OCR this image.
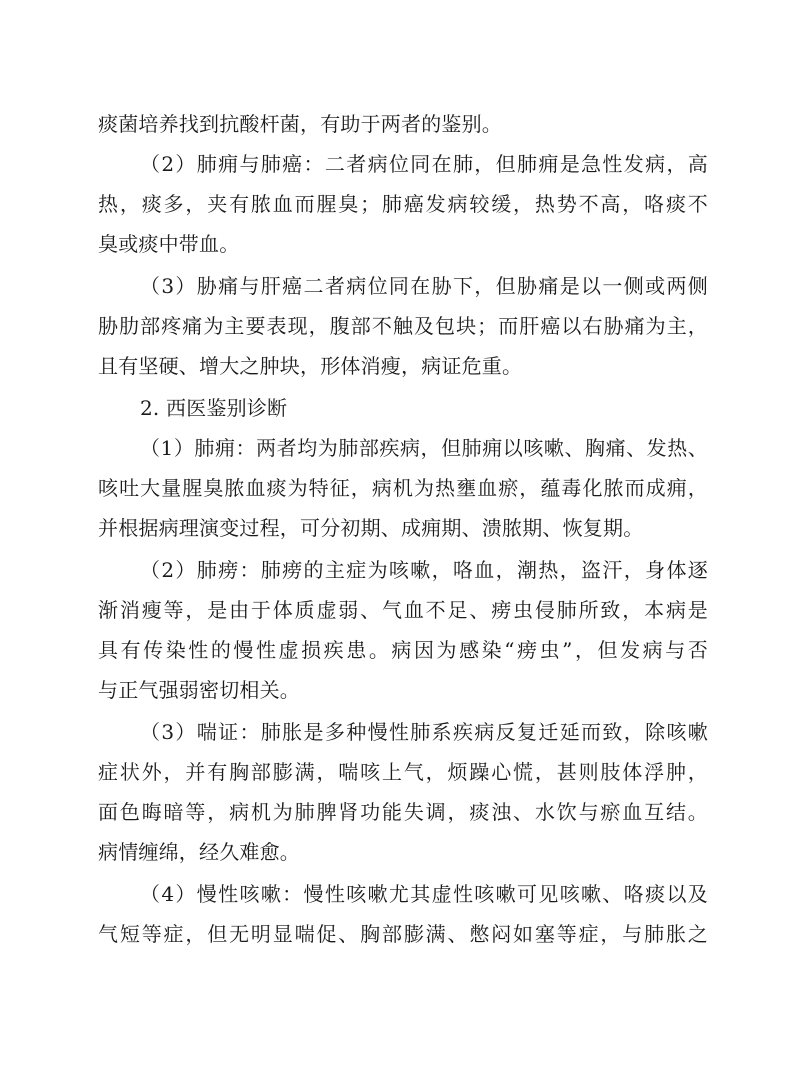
痰菌培养找到抗酸杆菌，有助于两者的鉴别。
（2）肺痈与肺癌：二者病位同在肺，但肺痈是急性发病，高
热，痰多，夹有脓血而腥臭；肺癌发病较缓，热势不高，咯痰不
臭或痰中带血。
（3）胁痛与肝癌二者病位同在胁下，但胁痛是以一侧或两侧
胁肋部疼痛为主要表现，腹部不触及包块；而肝癌以右胁痛为主，
且有坚硬、增大之肿块，形体消瘦，病证危重。
2. 西医鉴别诊断
（1）肺痈：两者均为肺部疾病，但肺痈以咳嗽、胸痛、发热、
咳吐大量腥臭脓血痰为特征，病机为热壅血瘀，蕴毒化脓而成痈，
并根据病理演变过程，可分初期、成痈期、溃脓期、恢复期。
（2）肺痨：肺痨的主症为咳嗽，咯血，潮热，盗汗，身体逐
渐消瘦等，是由于体质虚弱、气血不足、痨虫侵肺所致，本病是
具有传染性的慢性虚损疾患。病因为感染“痨虫”，但发病与否
与正气强弱密切相关。
（3）喘证：肺胀是多种慢性肺系疾病反复迁延而致，除咳嗽
症状外，并有胸部膨满，喘咳上气，烦躁心慌，甚则肢体浮肿，
面色晦暗等，病机为肺脾肾功能失调，痰浊、水饮与瘀血互结。
病情缠绵，经久难愈。
（4）慢性咳嗽：慢性咳嗽尤其虚性咳嗽可见咳嗽、咯痰以及
气短等症，但无明显喘促、胸部膨满、憋闷如塞等症，与肺胀之
